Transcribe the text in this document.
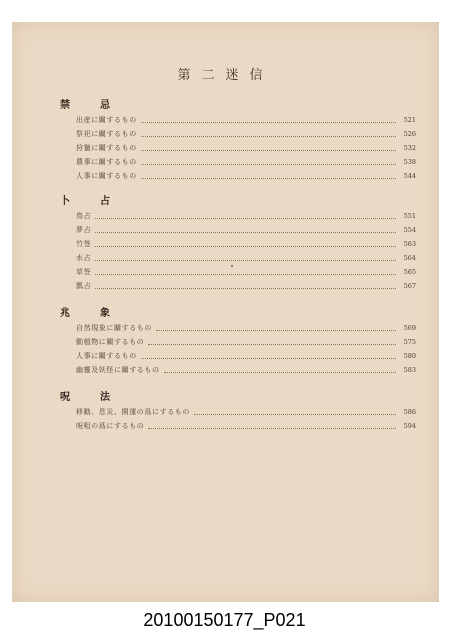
第二迷信
禁忌
出産に關するもの	521
祭祀に關するもの	526
狩獵に關するもの	532
農事に關するもの	538
人事に關するもの	544
卜占
鳥占	551
夢占	554
竹签	563
水占	564
草签	565
瓢占	567
兆象
自然現象に關するもの	569
動植物に關するもの	575
人事に關するもの	580
幽靈及妖怪に關するもの	583
呪法
移動、息災、開運の爲にするもの	586
呪咀の爲にするもの	594
20100150177_P021
